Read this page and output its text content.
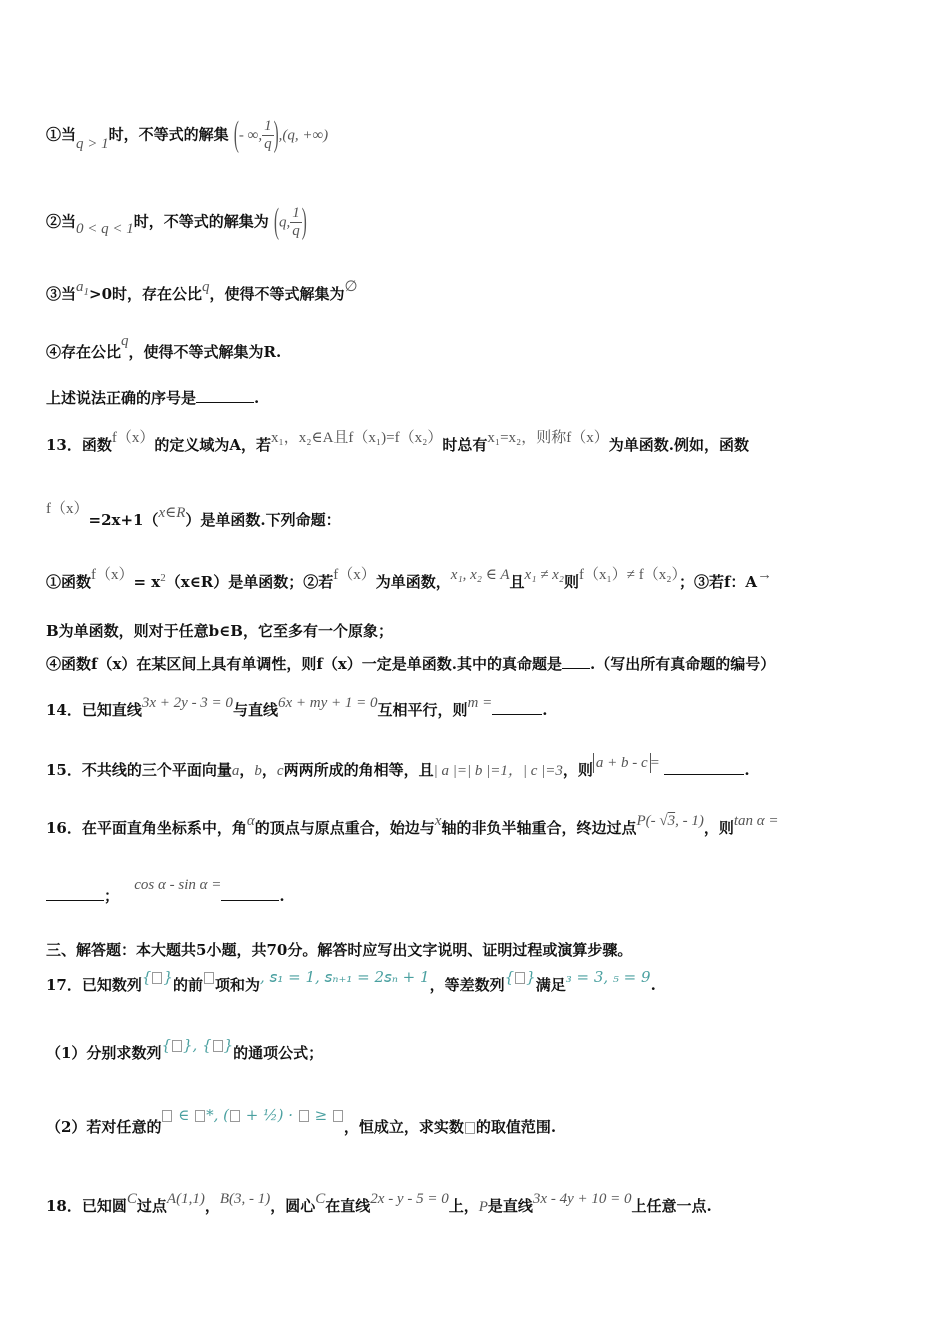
①当q > 1时，不等式的解集 (- ∞, $\frac{1}{q} ),(q$, +∞)
②当0 < q < 1时，不等式的解集为 (q, $\frac{1}{q}$ )
③当$a_1>0$时，存在公比q，使得不等式解集为∅
④存在公比q，使得不等式解集为R.
上述说法正确的序号是	.
13．函数f（x）的定义域为A，若x₁，x₂∈A且f（x₁)=f（x₂）时总有x₁=x₂，则称f（x）为单函数.例如，函数
f（x）=2x+1（x∈R）是单函数.下列命题：
①函数$f(x)= x^2(x\in R)$是单函数；②若f（x）为单函数，x₁, x₂ ∈ A且x₁ ≠ x₂则f（x₁）≠ f（x₂）；③若f：A→
B为单函数，则对于任意b∈B，它至多有一个原象；
④函数f（x）在某区间上具有单调性，则f（x）一定是单函数.其中的真命题是 .（写出所有真命题的编号）
14．已知直线3x + 2y - 3 = 0与直线6x + my + 1 = 0互相平行，则m =	.
15．不共线的三个平面向量a，b，c两两所成的角相等，且| a |=| b |=1，| c |=3，则 a + b - c =	.
16．在平面直角坐标系中，角α的顶点与原点重合，始边与x轴的非负半轴重合，终边过点P(- √3, - 1)，则tan α =
； cos α - sin α =.
三、解答题：本大题共5小题，共70分。解答时应写出文字说明、证明过程或演算步骤。
17．已知数列{ }的前 项和为, 𝘴₁ = 1, 𝘴ₙ₊₁ = 2𝘴ₙ + 1，等差数列{ }满足₃ = 3, ₅ = 9.
（1）分别求数列{ }, { }的通项公式；
（2）若对任意的 ∈ *, ( + ½) ·  ≥ ，恒成立，求实数 的取值范围.
18．已知圆C过点A(1,1)，B(3, - 1)，圆心C在直线2x - y - 5 = 0上，P是直线3x - 4y + 10 = 0上任意一点.
